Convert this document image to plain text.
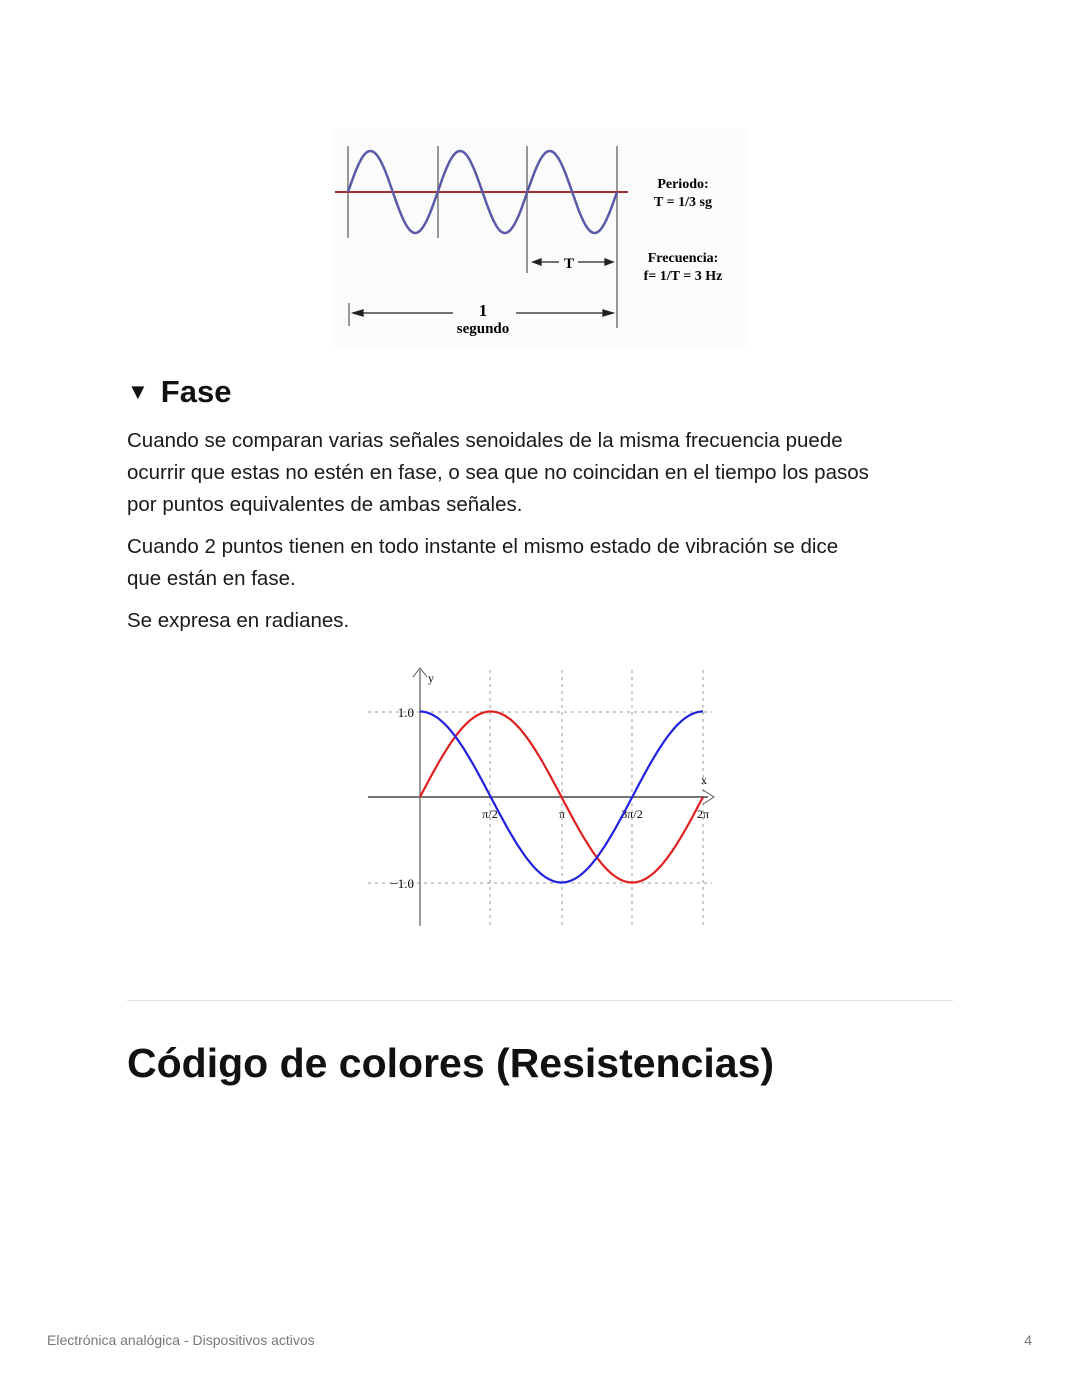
T
1
segundo
Periodo:
T = 1/3 sg
Frecuencia:
f= 1/T = 3 Hz
▼ Fase

Cuando se comparan varias señales senoidales de la misma frecuencia puede
ocurrir que estas no estén en fase, o sea que no coincidan en el tiempo los pasos
por puntos equivalentes de ambas señales.

Cuando 2 puntos tienen en todo instante el mismo estado de vibración se dice
que están en fase.

Se expresa en radianes.

y
x
1.0
−1.0
π/2	π	3π/2	2π
Código de colores (Resistencias)
Electrónica analógica - Dispositivos activos	4
